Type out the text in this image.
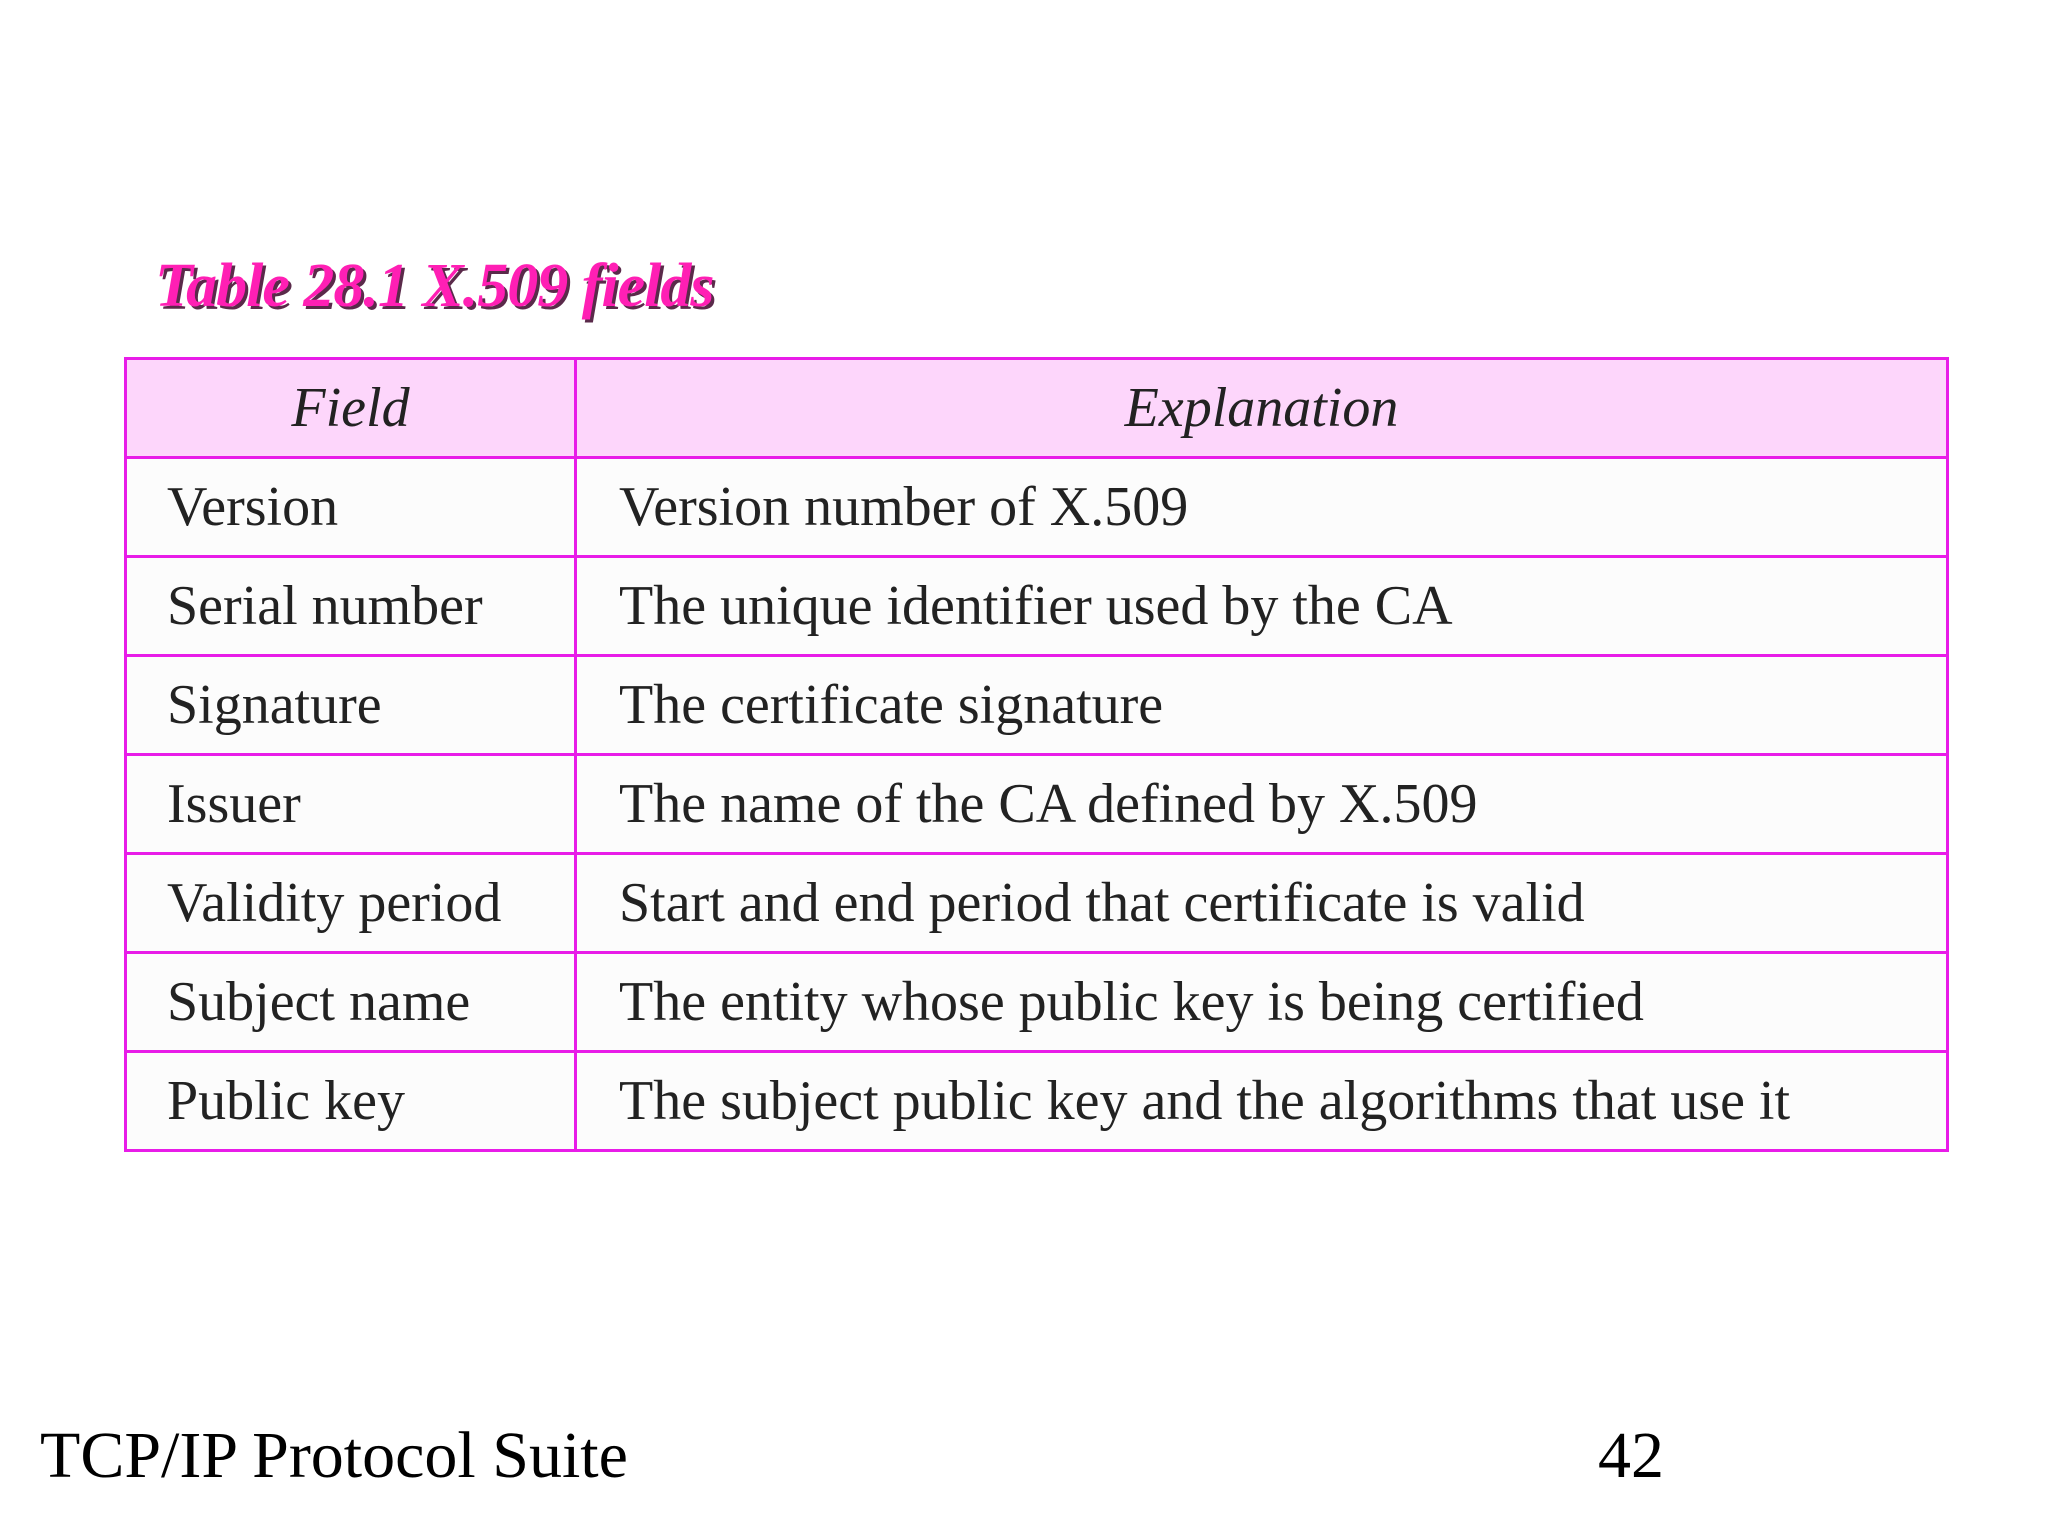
Table 28.1 X.509 fields
Field	Explanation
Version	Version number of X.509
Serial number	The unique identifier used by the CA
Signature	The certificate signature
Issuer	The name of the CA defined by X.509
Validity period	Start and end period that certificate is valid
Subject name	The entity whose public key is being certified
Public key	The subject public key and the algorithms that use it
TCP/IP Protocol Suite	42
